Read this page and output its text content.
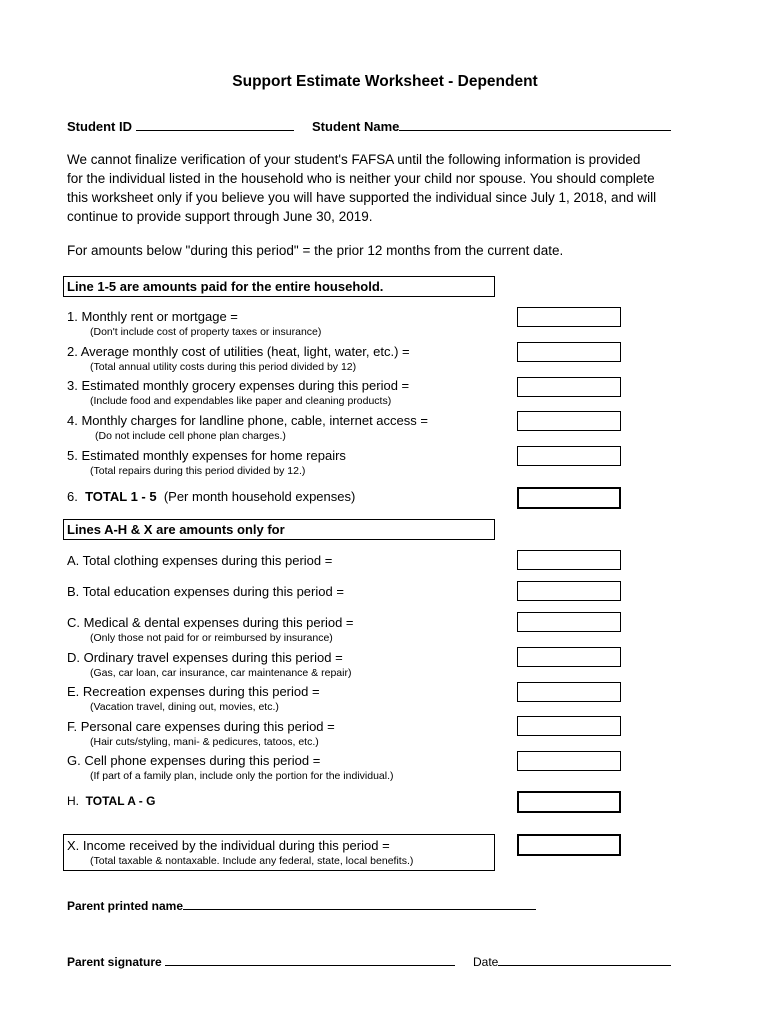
Support Estimate Worksheet - Dependent
Student ID	Student Name
We cannot finalize verification of your student's FAFSA until the following information is provided
for the individual listed in the household who is neither your child nor spouse. You should complete
this worksheet only if you believe you will have supported the individual since July 1, 2018, and will
continue to provide support through June 30, 2019.
For amounts below "during this period" = the prior 12 months from the current date.
Line 1-5 are amounts paid for the entire household.
1. Monthly rent or mortgage =
(Don't include cost of property taxes or insurance)
2. Average monthly cost of utilities (heat, light, water, etc.) =
(Total annual utility costs during this period divided by 12)
3. Estimated monthly grocery expenses during this period =
(Include food and expendables like paper and cleaning products)
4. Monthly charges for landline phone, cable, internet access =
(Do not include cell phone plan charges.)
5. Estimated monthly expenses for home repairs
(Total repairs during this period divided by 12.)
6. TOTAL 1 - 5 (Per month household expenses)
Lines A-H & X are amounts only for
A. Total clothing expenses during this period =
B. Total education expenses during this period =
C. Medical & dental expenses during this period =
(Only those not paid for or reimbursed by insurance)
D. Ordinary travel expenses during this period =
(Gas, car loan, car insurance, car maintenance & repair)
E. Recreation expenses during this period =
(Vacation travel, dining out, movies, etc.)
F. Personal care expenses during this period =
(Hair cuts/styling, mani- & pedicures, tatoos, etc.)
G. Cell phone expenses during this period =
(If part of a family plan, include only the portion for the individual.)
H. TOTAL A - G
X. Income received by the individual during this period =
(Total taxable & nontaxable. Include any federal, state, local benefits.)
Parent printed name
Parent signature	Date
